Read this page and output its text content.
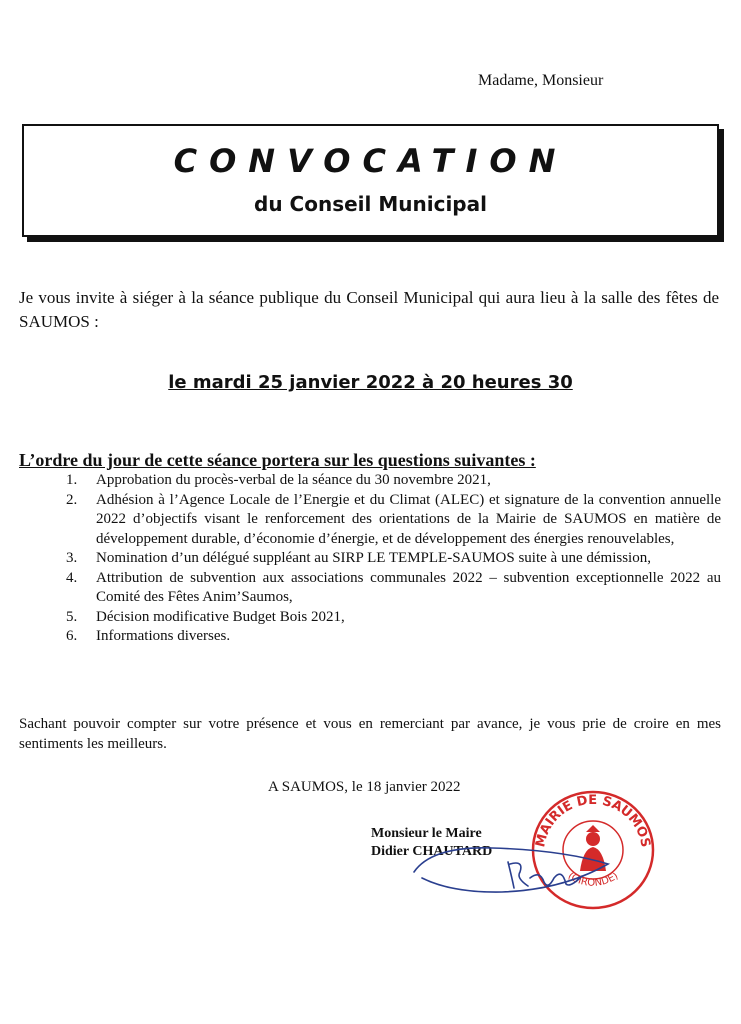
Madame, Monsieur
CONVOCATION
du Conseil Municipal
Je vous invite à siéger à la séance publique du Conseil Municipal qui aura lieu à la salle des fêtes de SAUMOS :
le mardi 25 janvier 2022 à 20 heures 30
L’ordre du jour de cette séance portera sur les questions suivantes :
1. Approbation du procès-verbal de la séance du 30 novembre 2021,
2. Adhésion à l’Agence Locale de l’Energie et du Climat (ALEC) et signature de la convention annuelle 2022 d’objectifs visant le renforcement des orientations de la Mairie de SAUMOS en matière de développement durable, d’économie d’énergie, et de développement des énergies renouvelables,
3. Nomination d’un délégué suppléant au SIRP LE TEMPLE-SAUMOS suite à une démission,
4. Attribution de subvention aux associations communales 2022 – subvention exceptionnelle 2022 au Comité des Fêtes Anim’Saumos,
5. Décision modificative Budget Bois 2021,
6. Informations diverses.
Sachant pouvoir compter sur votre présence et vous en remerciant par avance, je vous prie de croire en mes sentiments les meilleurs.
A SAUMOS, le 18 janvier 2022
Monsieur le Maire
Didier CHAUTARD
MAIRIE DE SAUMOS
(GIRONDE)
